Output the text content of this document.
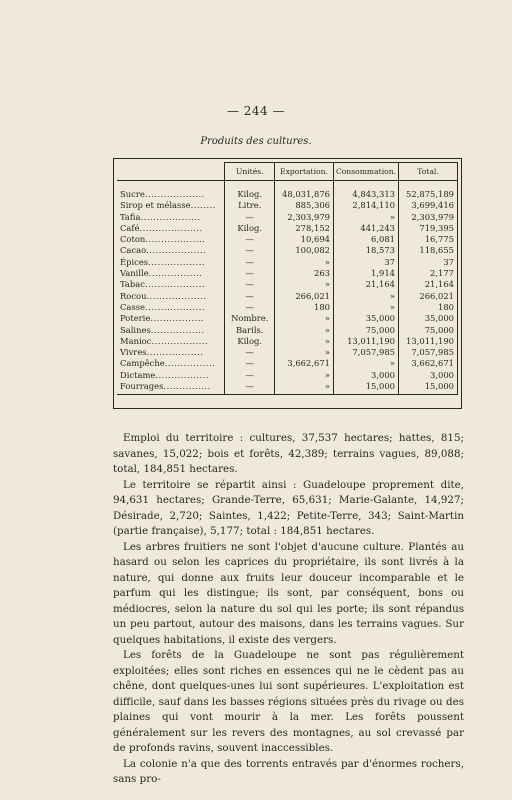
— 244 —
Produits des cultures.
	Unités.	Exportation.	Consommation.	Total.
Sucre...................	Kilog.	48,031,876	4,843,313	52,875,189
Sirop et mélasse........	Litre.	885,306	2,814,110	3,699,416
Tafia...................	—	2,303,979	»	2,303,979
Café....................	Kilog.	278,152	441,243	719,395
Coton...................	—	10,694	6,081	16,775
Cacao...................	—	100,082	18,573	118,655
Épices..................	—	»	37	37
Vanille.................	—	263	1,914	2,177
Tabac...................	—	»	21,164	21,164
Rocou...................	—	266,021	»	266,021
Casse...................	—	180	»	180
Poterie.................	Nombre.	»	35,000	35,000
Salines.................	Barils.	»	75,000	75,000
Manioc..................	Kilog.	»	13,011,190	13,011,190
Vivres..................	—	»	7,057,985	7,057,985
Campêche................	—	3,662,671	»	3,662,671
Dictame.................	—	»	3,000	3,000
Fourrages...............	—	»	15,000	15,000

Emploi du territoire : cultures, 37,537 hectares; hattes, 815; savanes, 15,022; bois et forêts, 42,389; terrains vagues, 89,088; total, 184,851 hectares.

Le territoire se répartit ainsi : Guadeloupe proprement dite, 94,631 hectares; Grande-Terre, 65,631; Marie-Galante, 14,927; Désirade, 2,720; Saintes, 1,422; Petite-Terre, 343; Saint-Martin (partie française), 5,177; total : 184,851 hectares.

Les arbres fruitiers ne sont l'objet d'aucune culture. Plantés au hasard ou selon les caprices du propriétaire, ils sont livrés à la nature, qui donne aux fruits leur douceur incomparable et le parfum qui les distingue; ils sont, par conséquent, bons ou médiocres, selon la nature du sol qui les porte; ils sont répandus un peu partout, autour des maisons, dans les terrains vagues. Sur quelques habitations, il existe des vergers.

Les forêts de la Guadeloupe ne sont pas régulièrement exploitées; elles sont riches en essences qui ne le cèdent pas au chêne, dont quelques-unes lui sont supérieures. L'exploitation est difficile, sauf dans les basses régions situées près du rivage ou des plaines qui vont mourir à la mer. Les forêts poussent généralement sur les revers des montagnes, au sol crevassé par de profonds ravins, souvent inaccessibles.

La colonie n'a que des torrents entravés par d'énormes rochers, sans pro-
